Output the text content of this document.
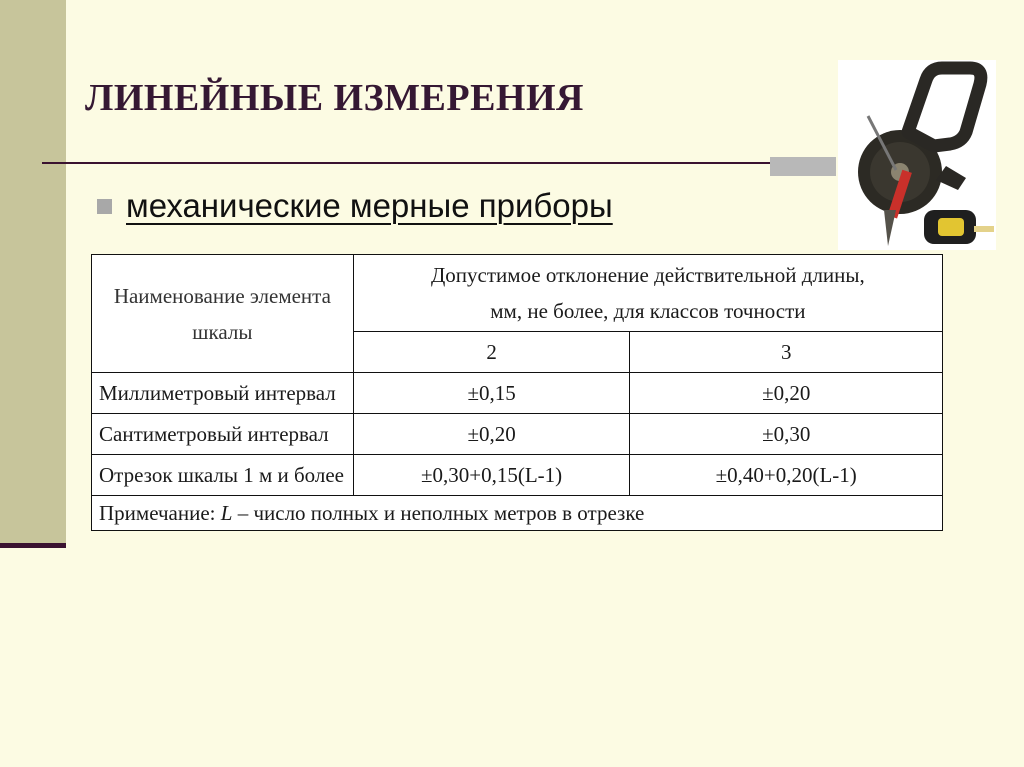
ЛИНЕЙНЫЕ ИЗМЕРЕНИЯ
механические мерные приборы
Наименование элемента шкалы	Допустимое отклонение действительной длины,
мм, не более, для классов точности	
	2	3
Миллиметровый интервал	±0,15	±0,20
Сантиметровый интервал	±0,20	±0,30
Отрезок шкалы 1 м и более	±0,30+0,15(L-1)	±0,40+0,20(L-1)
Примечание: L – число полных и неполных метров в отрезке		
